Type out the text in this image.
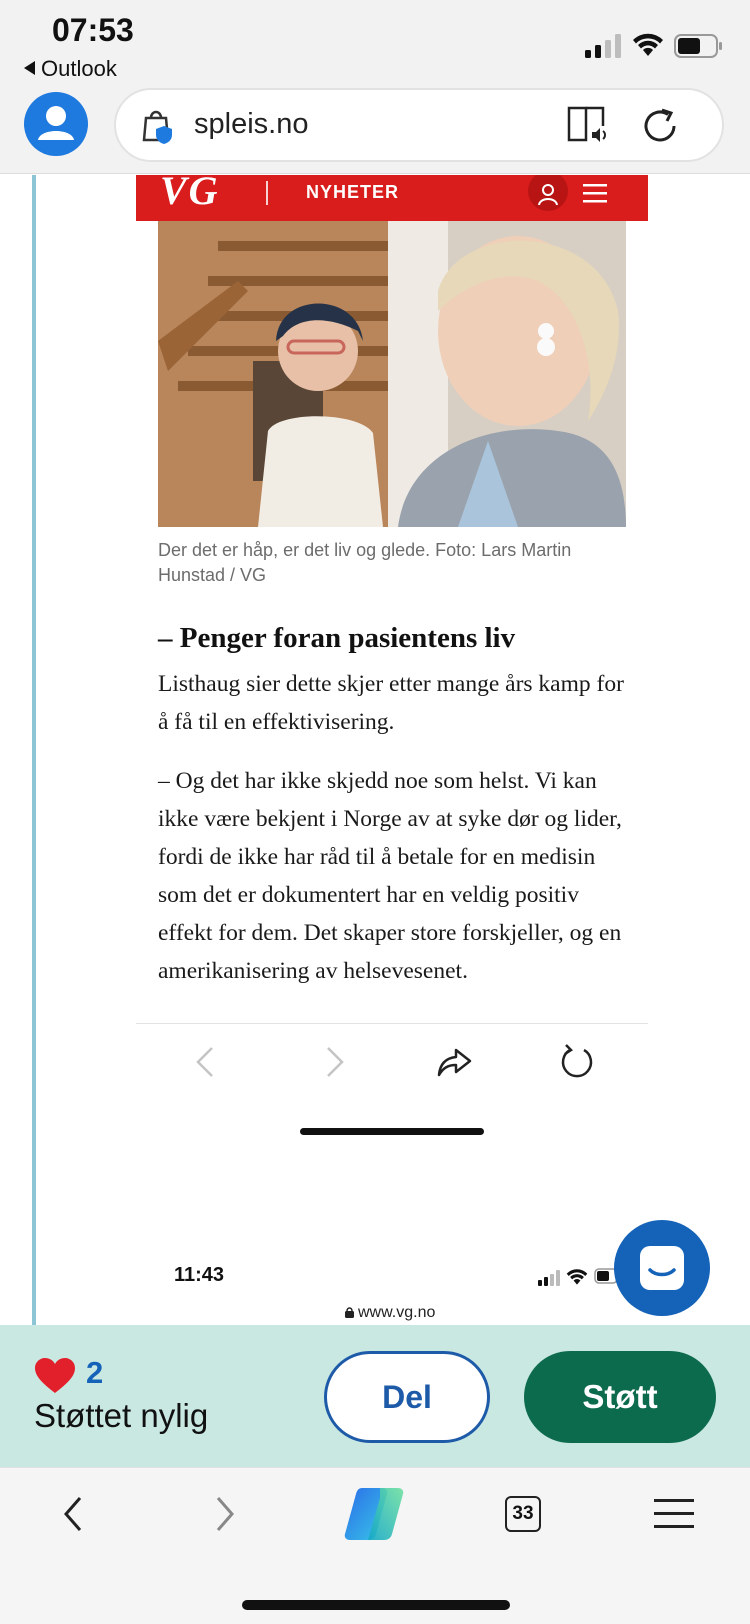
07:53
Outlook
spleis.no
VG	NYHETER
Der det er håp, er det liv og glede. Foto: Lars Martin Hunstad / VG
– Penger foran pasientens liv
Listhaug sier dette skjer etter mange års kamp for å få til en effektivisering.
– Og det har ikke skjedd noe som helst. Vi kan ikke være bekjent i Norge av at syke dør og lider, fordi de ikke har råd til å betale for en medisin som det er dokumentert har en veldig positiv effekt for dem. Det skaper store forskjeller, og en amerikanisering av helsevesenet.
11:43
www.vg.no
2
Støttet nylig
Del	Støtt
33
